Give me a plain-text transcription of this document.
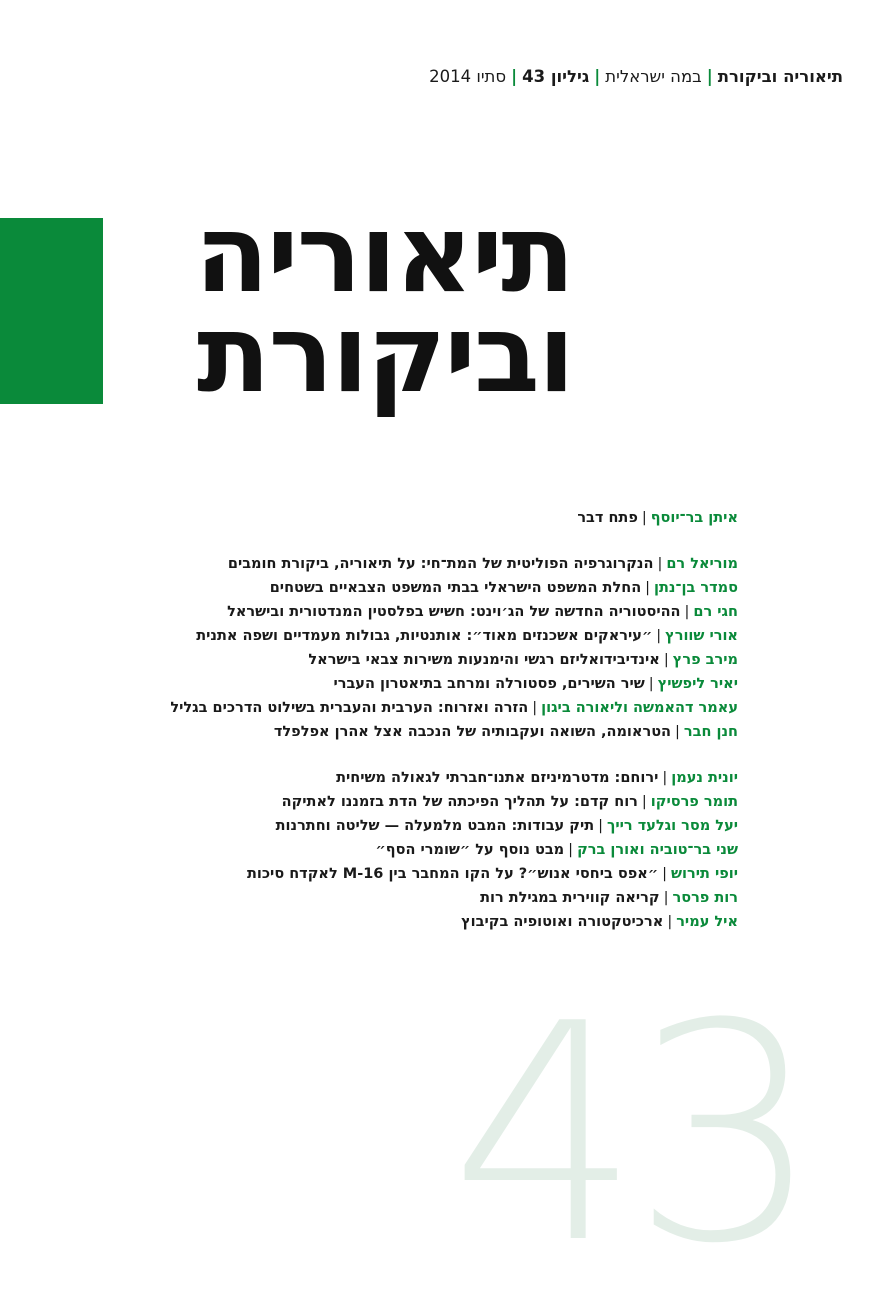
תיאוריה וביקורת|במה ישראלית|גיליון 43|סתיו 2014
תיאוריה
וביקורת
43
איתן בר־יוסף|פתח דבר
מוריאל רם|הנקרוגרפיה הפוליטית של המת־חי: על תיאוריה, ביקורת חומבים
סמדר בן־נתן|החלת המשפט הישראלי בבתי המשפט הצבאיים בשטחים
חגי רם|ההיסטוריה החדשה של הג׳וינט: חשיש בפלסטין המנדטורית ובישראל
אורי שוורץ|״עיראקים אשכנזים מאוד״: אותנטיות, גבולות מעמדיים ושפה אתנית
מירב פרץ|אינדיבידואליזם רגשי והימנעות משירות צבאי בישראל
יאיר ליפשיץ|שיר השירים, פסטורלה ומרחב בתיאטרון העברי
עאמר דהאמשה וליאורה ביגון|הזרה ואזרוח: הערבית והעברית בשילוט הדרכים בגליל
חנן חבר|הטראומה, השואה ועקבותיה של הנכבה אצל אהרן אפלפלד
יונית נעמן|ירוחם: מדטרמיניזם אתנו־חברתי לגאולה משיחית
תומר פרסיקו|רוח קדם: על תהליך הפיכתה של הדת בזמננו לאתיקה
יעל מסר וגלעד רייך|תיק עבודות: המבט מלמעלה — שליטה וחתרנות
שני בר־טוביה ואורן ברק|מבט נוסף על ״שומרי הסף״
יופי תירוש|״אפס ביחסי אנוש״? על הקו המחבר בין M-16 לאקדח סיכות
רות פרסר|קריאה קווירית במגילת רות
איל עמיר|ארכיטקטורה ואוטופיה בקיבוץ
